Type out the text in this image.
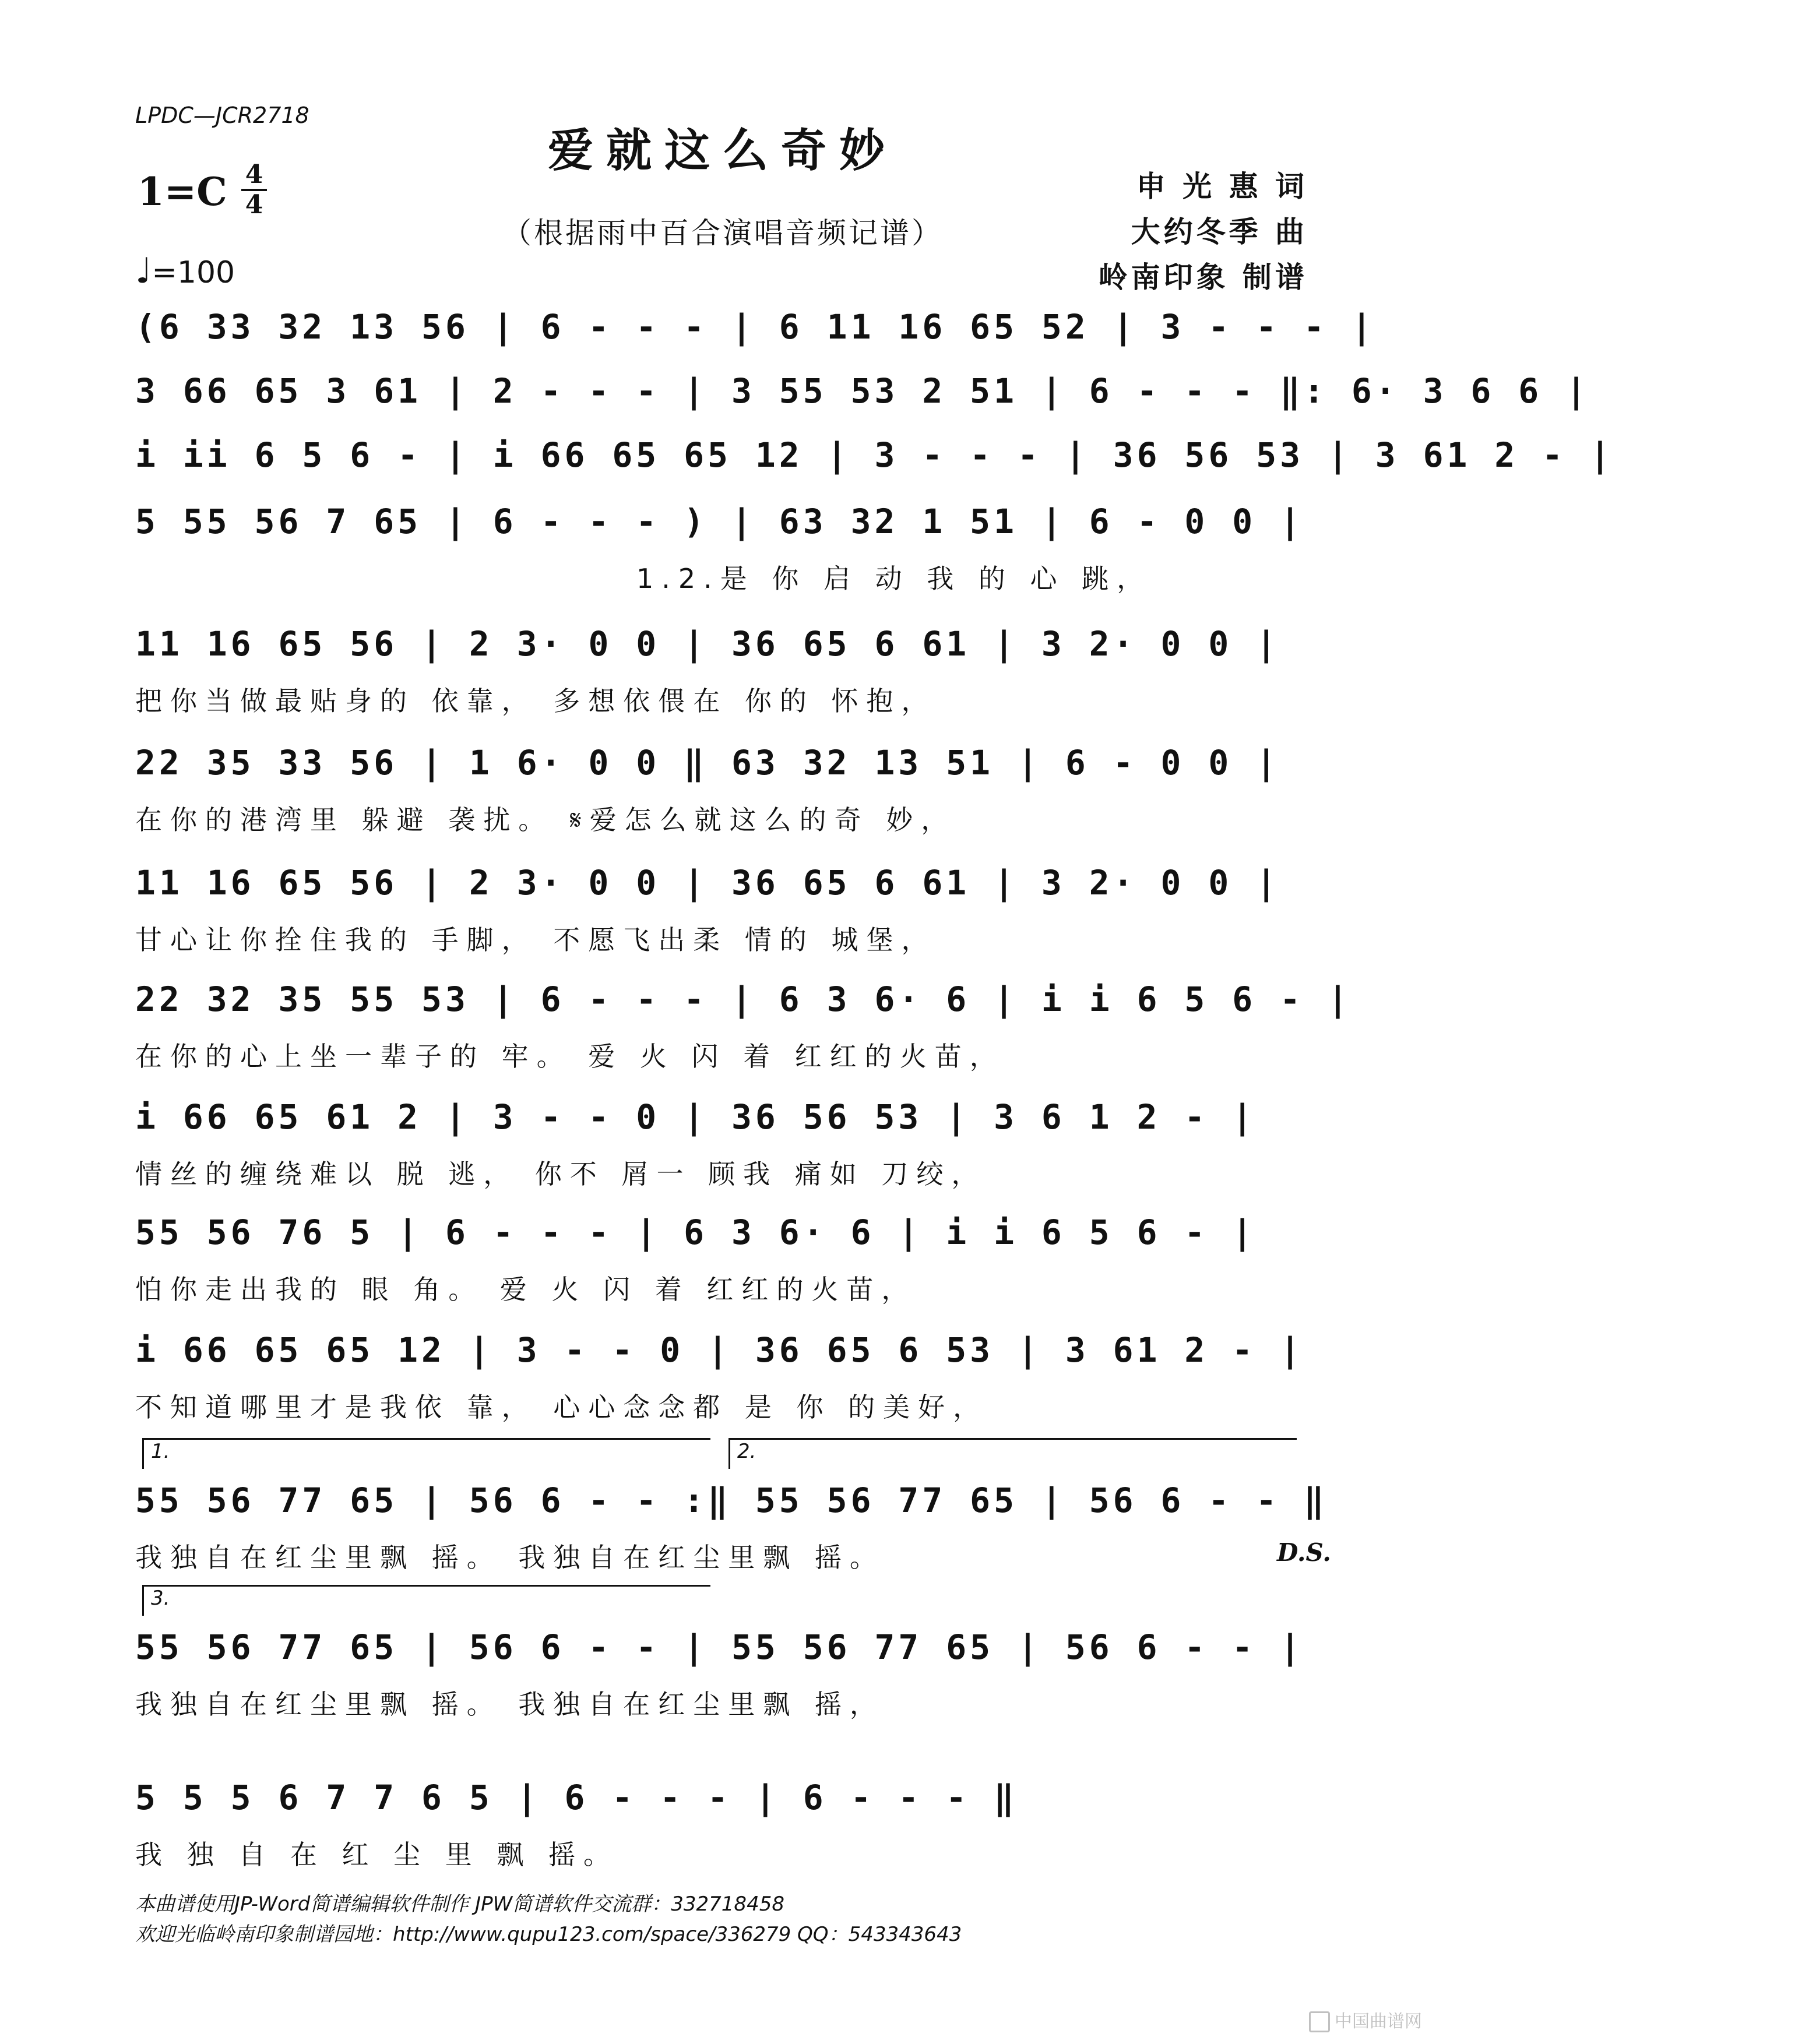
LPDC—JCR2718
爱就这么奇妙
（根据雨中百合演唱音频记谱）
1=C 4
4
♩=100
申 光 惠 词
大约冬季 曲
岭南印象 制谱
(6 33 32 13 56 | 6 - - - | 6 11 16 65 52 | 3 - - - |
3 66 65 3 61 | 2 - - - | 3 55 53 2 51 | 6 - - - ‖: 6· 3 6 6 |
i ii 6 5 6 - | i 66 65 65 12 | 3 - - - | 36 56 53 | 3 61 2 - |
5 55 56 7 65 | 6 - - - ) | 63 32 1 51 | 6 - 0 0 |
1.2.是 你 启 动 我 的 心 跳，
11 16 65 56 | 2 3· 0 0 | 36 65 6 61 | 3 2· 0 0 |
把你当做最贴身的 依靠， 多想依偎在 你的 怀抱，
22 35 33 56 | 1 6· 0 0 ‖ 63 32 13 51 | 6 - 0 0 |
在你的港湾里 躲避 袭扰。 𝄋爱怎么就这么的奇 妙，
11 16 65 56 | 2 3· 0 0 | 36 65 6 61 | 3 2· 0 0 |
甘心让你拴住我的 手脚， 不愿飞出柔 情的 城堡，
22 32 35 55 53 | 6 - - - | 6 3 6· 6 | i i 6 5 6 - |
在你的心上坐一辈子的 牢。 爱 火 闪 着 红红的火苗，
i 66 65 61 2 | 3 - - 0 | 36 56 53 | 3 6 1 2 - |
情丝的缠绕难以 脱 逃， 你不 屑一 顾我 痛如 刀绞，
55 56 76 5 | 6 - - - | 6 3 6· 6 | i i 6 5 6 - |
怕你走出我的 眼 角。 爱 火 闪 着 红红的火苗，
i 66 65 65 12 | 3 - - 0 | 36 65 6 53 | 3 61 2 - |
不知道哪里才是我依 靠， 心心念念都 是 你 的美好，
1.	2.
55 56 77 65 | 56 6 - - :‖ 55 56 77 65 | 56 6 - - ‖
我独自在红尘里飘 摇。 我独自在红尘里飘 摇。	D.S.
3.
55 56 77 65 | 56 6 - - | 55 56 77 65 | 56 6 - - |
我独自在红尘里飘 摇。 我独自在红尘里飘 摇，
5 5 5 6 7 7 6 5 | 6 - - - | 6 - - - ‖
我 独 自 在 红 尘 里 飘 摇。
本曲谱使用JP-Word简谱编辑软件制作 JPW简谱软件交流群：332718458
欢迎光临岭南印象制谱园地：http://www.qupu123.com/space/336279 QQ：543343643
中国曲谱网
